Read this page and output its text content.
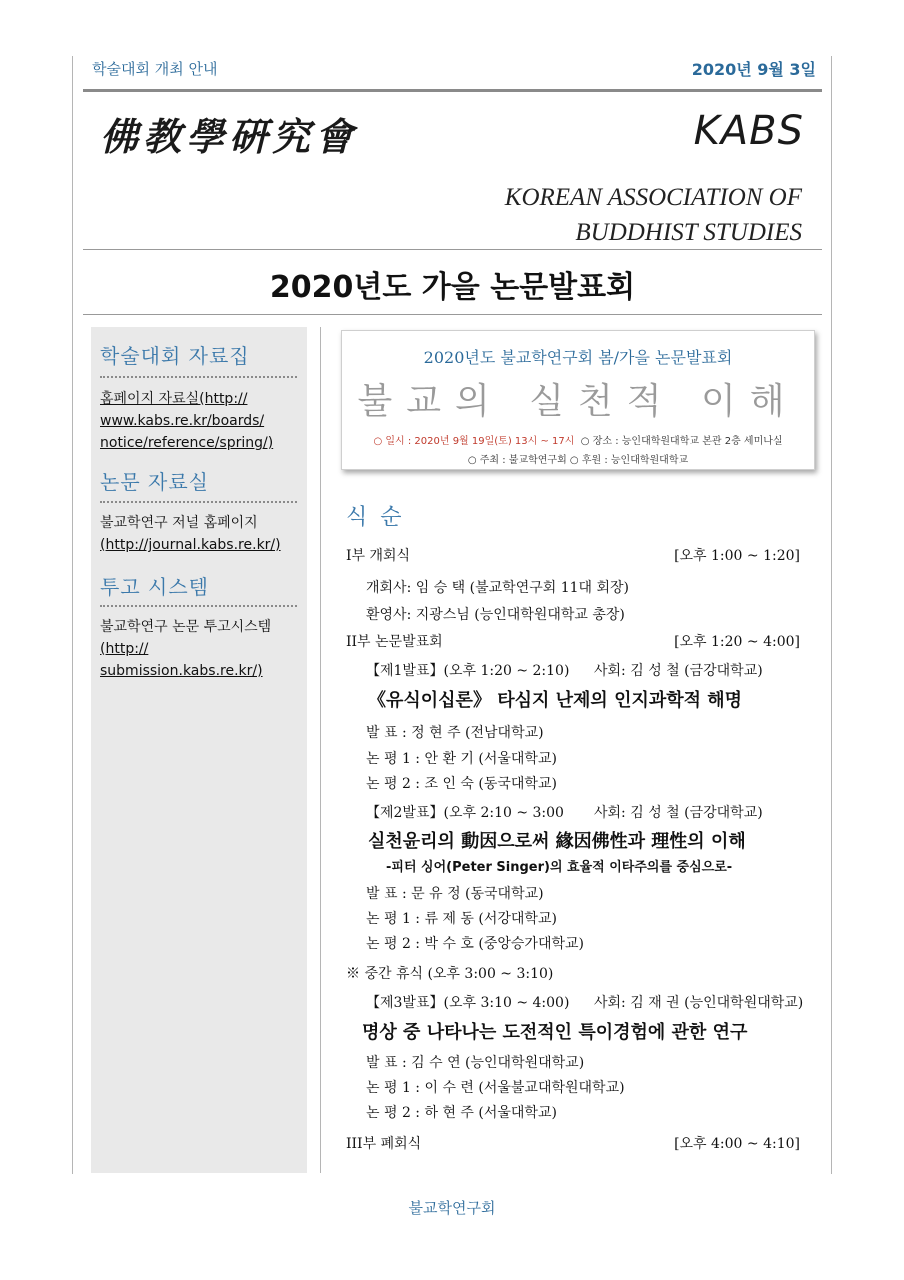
학술대회 개최 안내	2020년 9월 3일
佛教學硏究會	KABS
KOREAN ASSOCIATION OF
BUDDHIST STUDIES
2020년도 가을 논문발표회
학술대회 자료집
홈페이지 자료실(http://
www.kabs.re.kr/boards/
notice/reference/spring/)
논문 자료실
불교학연구 저널 홈페이지
(http://journal.kabs.re.kr/)
투고 시스템
불교학연구 논문 투고시스템
(http://
submission.kabs.re.kr/)
2020년도 불교학연구회 봄/가을 논문발표회
불교의 실천적 이해
○ 일시 : 2020년 9월 19일(토) 13시 ~ 17시 ○ 장소 : 능인대학원대학교 본관 2층 세미나실
○ 주최 : 불교학연구회 ○ 후원 : 능인대학원대학교
식 순
I부 개회식	[오후 1:00 ~ 1:20]
개회사: 임 승 택 (불교학연구회 11대 회장)
환영사: 지광스님 (능인대학원대학교 총장)
II부 논문발표회	[오후 1:20 ~ 4:00]
【제1발표】(오후 1:20 ~ 2:10) 사회: 김 성 철 (금강대학교)
《유식이십론》 타심지 난제의 인지과학적 해명
발 표 : 정 현 주 (전남대학교)
논 평 1 : 안 환 기 (서울대학교)
논 평 2 : 조 인 숙 (동국대학교)
【제2발표】(오후 2:10 ~ 3:00 사회: 김 성 철 (금강대학교)
실천윤리의 動因으로써 緣因佛性과 理性의 이해
-피터 싱어(Peter Singer)의 효율적 이타주의를 중심으로-
발 표 : 문 유 정 (동국대학교)
논 평 1 : 류 제 동 (서강대학교)
논 평 2 : 박 수 호 (중앙승가대학교)
※ 중간 휴식 (오후 3:00 ~ 3:10)
【제3발표】(오후 3:10 ~ 4:00) 사회: 김 재 권 (능인대학원대학교)
명상 중 나타나는 도전적인 특이경험에 관한 연구
발 표 : 김 수 연 (능인대학원대학교)
논 평 1 : 이 수 련 (서울불교대학원대학교)
논 평 2 : 하 현 주 (서울대학교)
III부 폐회식	[오후 4:00 ~ 4:10]
불교학연구회
